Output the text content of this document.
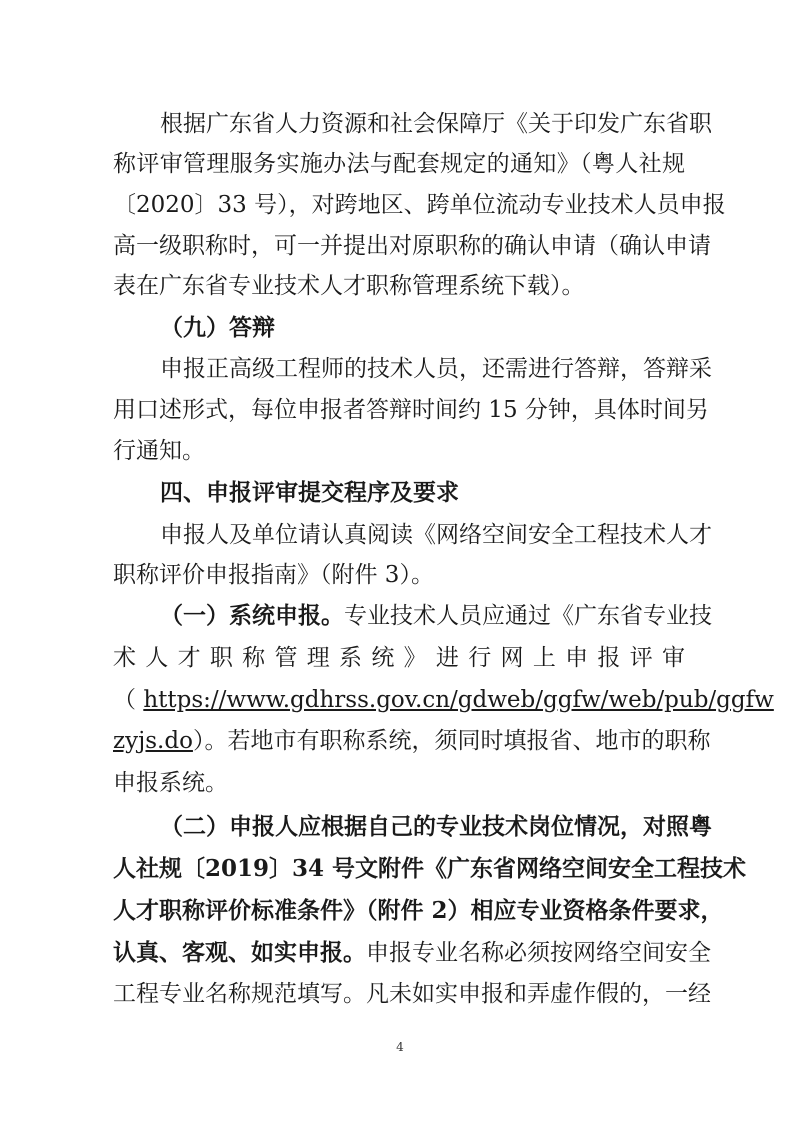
根据广东省人力资源和社会保障厅《关于印发广东省职
称评审管理服务实施办法与配套规定的通知》（粤人社规
〔2020〕33 号），对跨地区、跨单位流动专业技术人员申报
高一级职称时，可一并提出对原职称的确认申请（确认申请
表在广东省专业技术人才职称管理系统下载）。
（九）答辩
申报正高级工程师的技术人员，还需进行答辩，答辩采
用口述形式，每位申报者答辩时间约 15 分钟，具体时间另
行通知。
四、申报评审提交程序及要求
申报人及单位请认真阅读《网络空间安全工程技术人才
职称评价申报指南》（附件 3）。
（一）系统申报。专业技术人员应通过《广东省专业技
术 人 才 职 称 管 理 系 统 》 进 行 网 上 申 报 评 审
（ https://www.gdhrss.gov.cn/gdweb/ggfw/web/pub/ggfw
zyjs.do）。若地市有职称系统，须同时填报省、地市的职称
申报系统。
（二）申报人应根据自己的专业技术岗位情况，对照粤
人社规〔2019〕34 号文附件《广东省网络空间安全工程技术
人才职称评价标准条件》（附件 2）相应专业资格条件要求，
认真、客观、如实申报。申报专业名称必须按网络空间安全
工程专业名称规范填写。凡未如实申报和弄虚作假的，一经
4
